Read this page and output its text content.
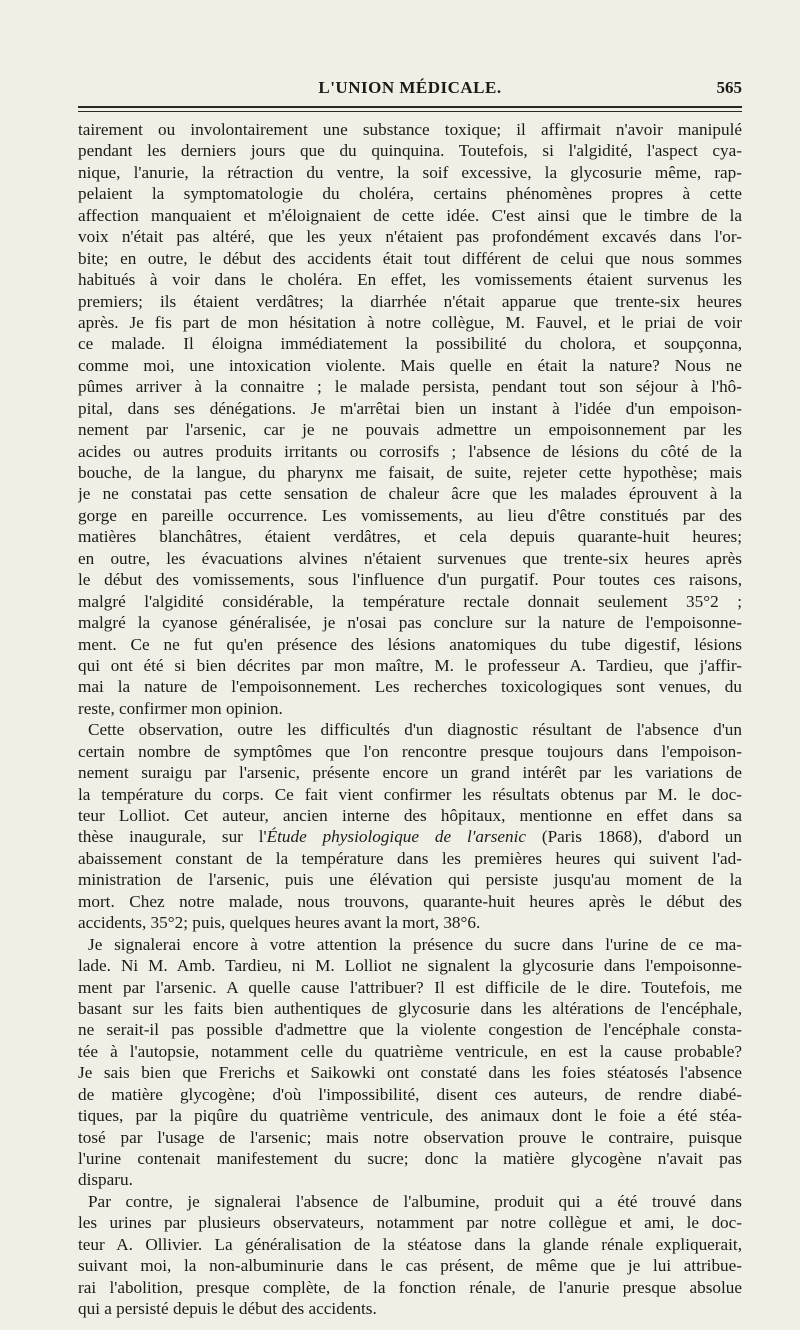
L'UNION MÉDICALE.	565
tairement ou involontairement une substance toxique; il affirmait n'avoir manipulé
pendant les derniers jours que du quinquina. Toutefois, si l'algidité, l'aspect cya-
nique, l'anurie, la rétraction du ventre, la soif excessive, la glycosurie même, rap-
pelaient la symptomatologie du choléra, certains phénomènes propres à cette
affection manquaient et m'éloignaient de cette idée. C'est ainsi que le timbre de la
voix n'était pas altéré, que les yeux n'étaient pas profondément excavés dans l'or-
bite; en outre, le début des accidents était tout différent de celui que nous sommes
habitués à voir dans le choléra. En effet, les vomissements étaient survenus les
premiers; ils étaient verdâtres; la diarrhée n'était apparue que trente-six heures
après. Je fis part de mon hésitation à notre collègue, M. Fauvel, et le priai de voir
ce malade. Il éloigna immédiatement la possibilité du cholora, et soupçonna,
comme moi, une intoxication violente. Mais quelle en était la nature? Nous ne
pûmes arriver à la connaitre ; le malade persista, pendant tout son séjour à l'hô-
pital, dans ses dénégations. Je m'arrêtai bien un instant à l'idée d'un empoison-
nement par l'arsenic, car je ne pouvais admettre un empoisonnement par les
acides ou autres produits irritants ou corrosifs ; l'absence de lésions du côté de la
bouche, de la langue, du pharynx me faisait, de suite, rejeter cette hypothèse; mais
je ne constatai pas cette sensation de chaleur âcre que les malades éprouvent à la
gorge en pareille occurrence. Les vomissements, au lieu d'être constitués par des
matières blanchâtres, étaient verdâtres, et cela depuis quarante-huit heures;
en outre, les évacuations alvines n'étaient survenues que trente-six heures après
le début des vomissements, sous l'influence d'un purgatif. Pour toutes ces raisons,
malgré l'algidité considérable, la température rectale donnait seulement 35°2 ;
malgré la cyanose généralisée, je n'osai pas conclure sur la nature de l'empoisonne-
ment. Ce ne fut qu'en présence des lésions anatomiques du tube digestif, lésions
qui ont été si bien décrites par mon maître, M. le professeur A. Tardieu, que j'affir-
mai la nature de l'empoisonnement. Les recherches toxicologiques sont venues, du
reste, confirmer mon opinion.
Cette observation, outre les difficultés d'un diagnostic résultant de l'absence d'un
certain nombre de symptômes que l'on rencontre presque toujours dans l'empoison-
nement suraigu par l'arsenic, présente encore un grand intérêt par les variations de
la température du corps. Ce fait vient confirmer les résultats obtenus par M. le doc-
teur Lolliot. Cet auteur, ancien interne des hôpitaux, mentionne en effet dans sa
thèse inaugurale, sur l'Étude physiologique de l'arsenic (Paris 1868), d'abord un
abaissement constant de la température dans les premières heures qui suivent l'ad-
ministration de l'arsenic, puis une élévation qui persiste jusqu'au moment de la
mort. Chez notre malade, nous trouvons, quarante-huit heures après le début des
accidents, 35°2; puis, quelques heures avant la mort, 38°6.
Je signalerai encore à votre attention la présence du sucre dans l'urine de ce ma-
lade. Ni M. Amb. Tardieu, ni M. Lolliot ne signalent la glycosurie dans l'empoisonne-
ment par l'arsenic. A quelle cause l'attribuer? Il est difficile de le dire. Toutefois, me
basant sur les faits bien authentiques de glycosurie dans les altérations de l'encéphale,
ne serait-il pas possible d'admettre que la violente congestion de l'encéphale consta-
tée à l'autopsie, notamment celle du quatrième ventricule, en est la cause probable?
Je sais bien que Frerichs et Saikowki ont constaté dans les foies stéatosés l'absence
de matière glycogène; d'où l'impossibilité, disent ces auteurs, de rendre diabé-
tiques, par la piqûre du quatrième ventricule, des animaux dont le foie a été stéa-
tosé par l'usage de l'arsenic; mais notre observation prouve le contraire, puisque
l'urine contenait manifestement du sucre; donc la matière glycogène n'avait pas
disparu.
Par contre, je signalerai l'absence de l'albumine, produit qui a été trouvé dans
les urines par plusieurs observateurs, notamment par notre collègue et ami, le doc-
teur A. Ollivier. La généralisation de la stéatose dans la glande rénale expliquerait,
suivant moi, la non-albuminurie dans le cas présent, de même que je lui attribue-
rai l'abolition, presque complète, de la fonction rénale, de l'anurie presque absolue
qui a persisté depuis le début des accidents.
